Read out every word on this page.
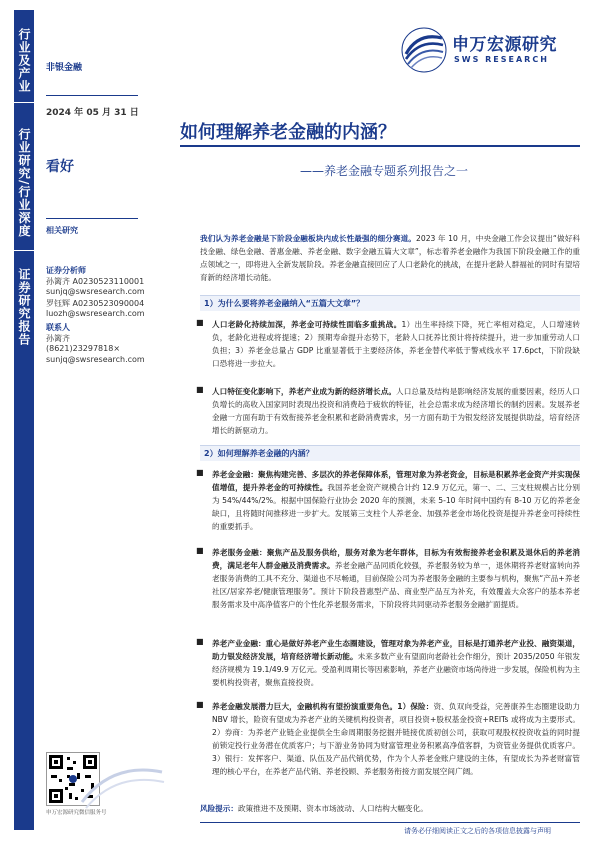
行业及产业
行业研究/行业深度
证券研究报告
非银金融
2024 年 05 月 31 日
看好
相关研究
证券分析师
孙篱齐 A0230523110001
sunjq@swsresearch.com
罗钰辉 A0230523090004
luozh@swsresearch.com
联系人
孙篱齐
(8621)23297818×
sunjq@swsresearch.com
申万宏源研究微信服务号
申万宏源研究
SWS RESEARCH
如何理解养老金融的内涵？
——养老金融专题系列报告之一
我们认为养老金融是下阶段金融板块内成长性最强的细分赛道。2023 年 10 月，中央金融工作会议提出“做好科技金融、绿色金融、普惠金融、养老金融、数字金融五篇大文章”，标志着养老金融作为我国下阶段金融工作的重点领域之一，即将进入全新发展阶段。养老金融直接回应了人口老龄化的挑战，在提升老龄人群福祉的同时有望培育新的经济增长动能。
1）为什么要将养老金融纳入“五篇大文章”？
■ 人口老龄化持续加深，养老金可持续性面临多重挑战。1）出生率持续下降，死亡率相对稳定，人口增速转负，老龄化进程或将提速；2）预期寿命提升态势下，老龄人口抚养比预计将持续提升，进一步加重劳动人口负担；3）养老金总量占 GDP 比重显著低于主要经济体，养老金替代率低于警戒线水平 17.6pct，下阶段缺口恐将进一步拉大。
■ 人口特征变化影响下，养老产业成为新的经济增长点。人口总量及结构是影响经济发展的重要因素，经历人口负增长的高收入国家同时表现出投资和消费趋于疲软的特征，社会总需求成为经济增长的制约因素。发展养老金融一方面有助于有效衔接养老金积累和老龄消费需求，另一方面有助于为银发经济发展提供助益，培育经济增长的新驱动力。
2）如何理解养老金融的内涵？
■ 养老金金融：聚焦构建完善、多层次的养老保障体系，管理对象为养老资金，目标是积累养老金资产并实现保值增值，提升养老金的可持续性。我国养老金资产规模合计约 12.9 万亿元，第一、二、三支柱规模占比分别为 54%/44%/2%。根据中国保险行业协会 2020 年的预测，未来 5-10 年时间中国约有 8-10 万亿的养老金缺口，且将随时间推移进一步扩大。发展第三支柱个人养老金、加强养老金市场化投资是提升养老金可持续性的重要抓手。
■ 养老服务金融：聚焦产品及服务供给，服务对象为老年群体，目标为有效衔接养老金积累及退休后的养老消费，满足老年人群金融及消费需求。养老金融产品同质化较强，养老服务较为单一，退休期将养老财富转向养老服务消费的工具不充分、渠道也不尽畅通，目前保险公司为养老服务金融的主要参与机构，聚焦“产品+养老社区/居家养老/健康管理服务”。预计下阶段普惠型产品、商业型产品互为补充，有效覆盖大众客户的基本养老服务需求及中高净值客户的个性化养老服务需求，下阶段将共同驱动养老服务金融扩面提质。
■ 养老产业金融：重心是做好养老产业生态圈建设，管理对象为养老产业，目标是打通养老产业投、融资渠道，助力银发经济发展，培育经济增长新动能。未来多数产业有望面向老龄社会作细分，预计 2035/2050 年银发经济规模为 19.1/49.9 万亿元。受盈利周期长等因素影响，养老产业融资市场尚待进一步发展，保险机构为主要机构投资者，聚焦直接投资。
■ 养老金融发展潜力巨大，金融机构有望扮演重要角色。1）保险：资、负双向受益，完善康养生态圈建设助力 NBV 增长，险资有望成为养老产业的关键机构投资者，项目投资+股权基金投资+REITs 或将成为主要形式。2）券商：为养老产业链企业提供全生命周期服务挖掘并链接优质初创公司，获取可观股权投资收益的同时提前锁定投行业务潜在优质客户；与下游业务协同为财富管理业务积累高净值客群，为资管业务提供优质客户。3）银行：发挥客户、渠道、队伍及产品代销优势，作为个人养老金账户建设的主体，有望成长为养老财富管理的核心平台，在养老产品代销、养老投顾、养老服务衔接方面发展空间广阔。
风险提示：政策推进不及预期、资本市场波动、人口结构大幅变化。
请务必仔细阅读正文之后的各项信息披露与声明
